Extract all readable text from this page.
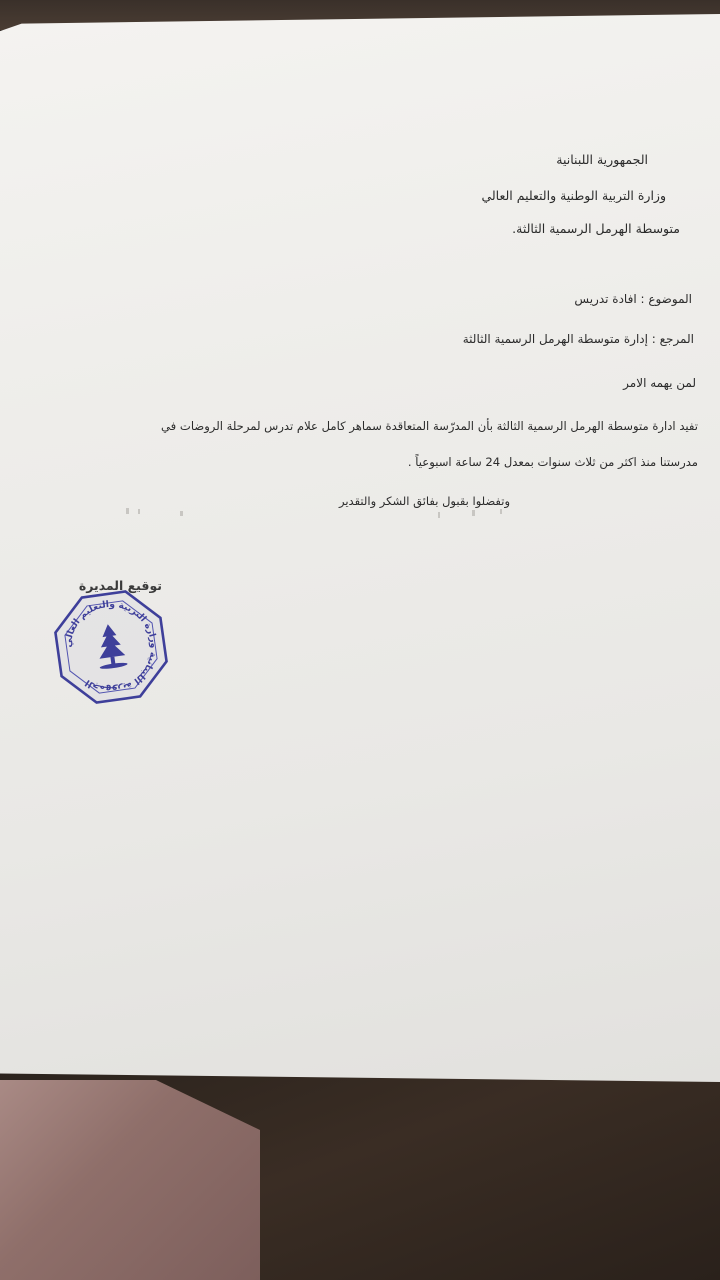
الجمهورية اللبنانية
وزارة التربية الوطنية والتعليم العالي
متوسطة الهرمل الرسمية الثالثة.
الموضوع : افادة تدريس
المرجع : إدارة متوسطة الهرمل الرسمية الثالثة
لمن يهمه الامر
تفيد ادارة متوسطة الهرمل الرسمية الثالثة بأن المدرّسة المتعاقدة سماهر كامل علام تدرس لمرحلة الروضات في
مدرستنا منذ اكثر من ثلاث سنوات بمعدل 24 ساعة اسبوعياً .
وتفضلوا بقبول بفائق الشكر والتقدير
توقيع المديرة
الجمهورية اللبنانية وزارة التربية والتعليم العالي
